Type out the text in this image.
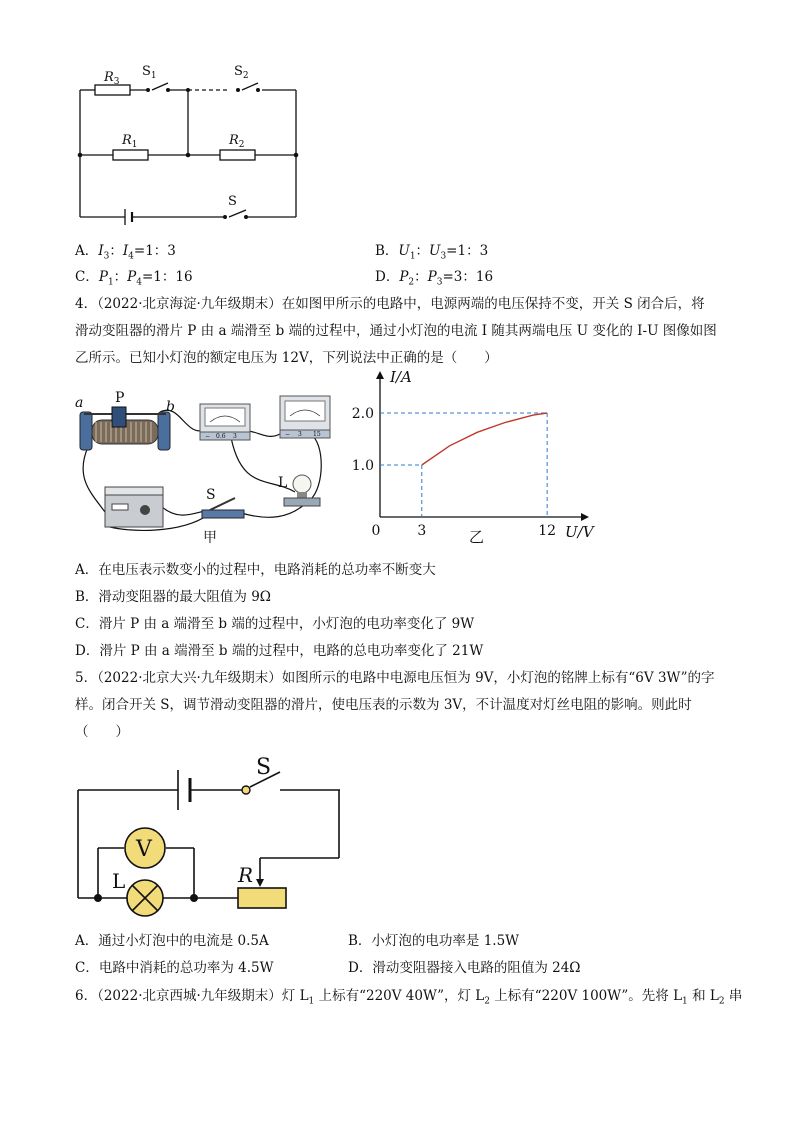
$R_3$
$S_1$	$S_2$
$R_1$	$R_2$
S
A．$I_3$：$I_4=1$：3	B．$U_1$：$U_3=1$：3
C．$P_1$：$P_4=1$：16	D．$P_2$：$P_3=3$：16
4．（2022·北京海淀·九年级期末）在如图甲所示的电路中，电源两端的电压保持不变，开关 S 闭合后，将
滑动变阻器的滑片 P 由 a 端滑至 b 端的过程中，通过小灯泡的电流 I 随其两端电压 U 变化的 I-U 图像如图
乙所示。已知小灯泡的额定电压为 12V，下列说法中正确的是（　　）
a P
b
L
S
甲
− 0.6 3	− 3 15
0	3	12
1.0
2.0
I/A
U/V
乙
A．在电压表示数变小的过程中，电路消耗的总功率不断变大
B．滑动变阻器的最大阻值为 9Ω
C．滑片 P 由 a 端滑至 b 端的过程中，小灯泡的电功率变化了 9W
D．滑片 P 由 a 端滑至 b 端的过程中，电路的总电功率变化了 21W
5．（2022·北京大兴·九年级期末）如图所示的电路中电源电压恒为 9V，小灯泡的铭牌上标有“6V 3W”的字
样。闭合开关 S，调节滑动变阻器的滑片，使电压表的示数为 3V，不计温度对灯丝电阻的影响。则此时
（　　）
S
V
L	R
A．通过小灯泡中的电流是 0.5A	B．小灯泡的电功率是 1.5W
C．电路中消耗的总功率为 4.5W	D．滑动变阻器接入电路的阻值为 24Ω
6．（2022·北京西城·九年级期末）灯 $L_1$ 上标有“220V 40W”，灯 $L_2$ 上标有“220V 100W”。先将 $L_1$ 和 $L_2$ 串
